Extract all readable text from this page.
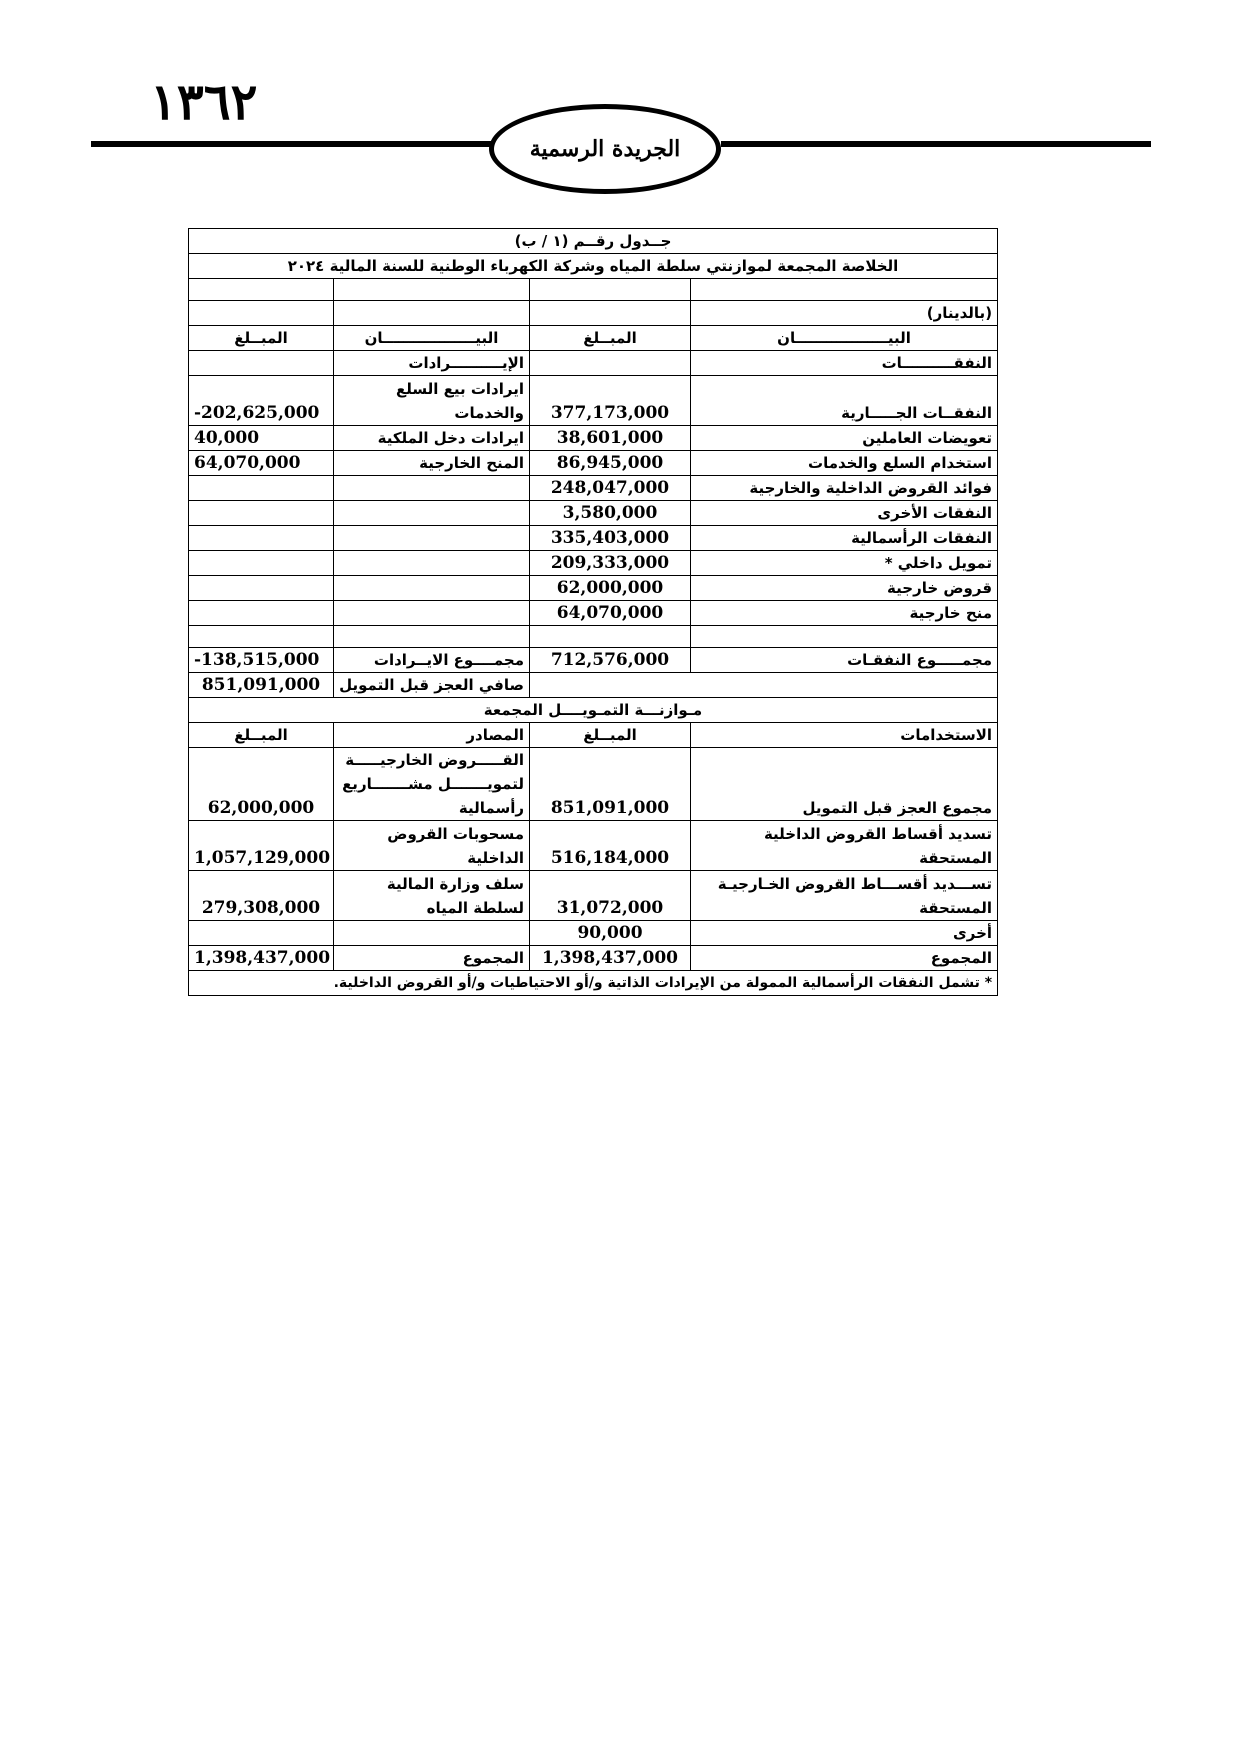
١٣٦٢
الجريدة الرسمية
جــدول رقــم (١ / ب)			
الخلاصة المجمعة لموازنتي سلطة المياه وشركة الكهرباء الوطنية للسنة المالية ٢٠٢٤			

			(بالدينار)
المبــلغ	البيــــــــــــــــــان	المبــلغ	البيــــــــــــــــــان
	الإيــــــــــرادات		النفقــــــــــات
-202,625,000	ايرادات بيع السلع والخدمات	377,173,000	النفقــات الجـــــارية
40,000	ايرادات دخل الملكية	38,601,000	تعويضات العاملين
64,070,000	المنح الخارجية	86,945,000	استخدام السلع والخدمات
		248,047,000	فوائد القروض الداخلية والخارجية
		3,580,000	النفقات الأخرى
		335,403,000	النفقات الرأسمالية
		209,333,000	تمويل داخلي *
		62,000,000	قروض خارجية
		64,070,000	منح خارجية

-138,515,000	مجمــــوع الايــرادات	712,576,000	مجمـــــوع النفقـات
851,091,000	صافي العجز قبل التمويل		
مـوازنـــة التمـويــــل المجمعة			
المبــلغ	المصادر	المبــلغ	الاستخدامات
62,000,000	القـــــروض الخارجيـــــة لتمويـــــــل مشـــــــاريع رأسمالية	851,091,000	مجموع العجز قبل التمويل
1,057,129,000	مسحوبات القروض الداخلية	516,184,000	تسديد أقساط القروض الداخلية المستحقة
279,308,000	سلف وزارة المالية لسلطة المياه	31,072,000	تســـديد أقســـاط القروض الخـارجيـة المستحقة
		90,000	أخرى
1,398,437,000	المجموع	1,398,437,000	المجموع
* تشمل النفقات الرأسمالية الممولة من الإيرادات الذاتية و/أو الاحتياطيات و/أو القروض الداخلية.			
